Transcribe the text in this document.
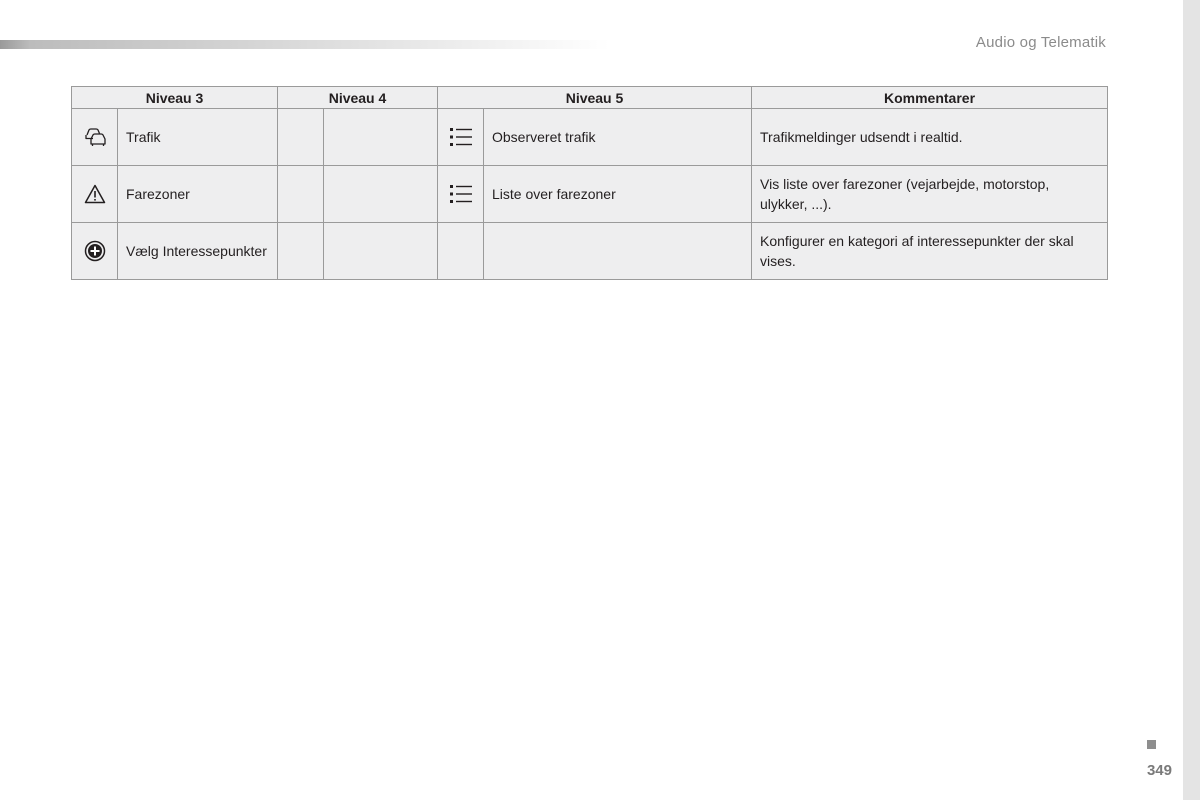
Audio og Telematik
Niveau 3		Niveau 4		Niveau 5		Kommentarer

	Trafik				Observeret trafik	Trafikmeldinger udsendt i realtid.

	Farezoner				Liste over farezoner	Vis liste over farezoner (vejarbejde, motorstop, ulykker, ...).

	Vælg Interessepunkter					Konfigurer en kategori af interessepunkter der skal vises.
349
